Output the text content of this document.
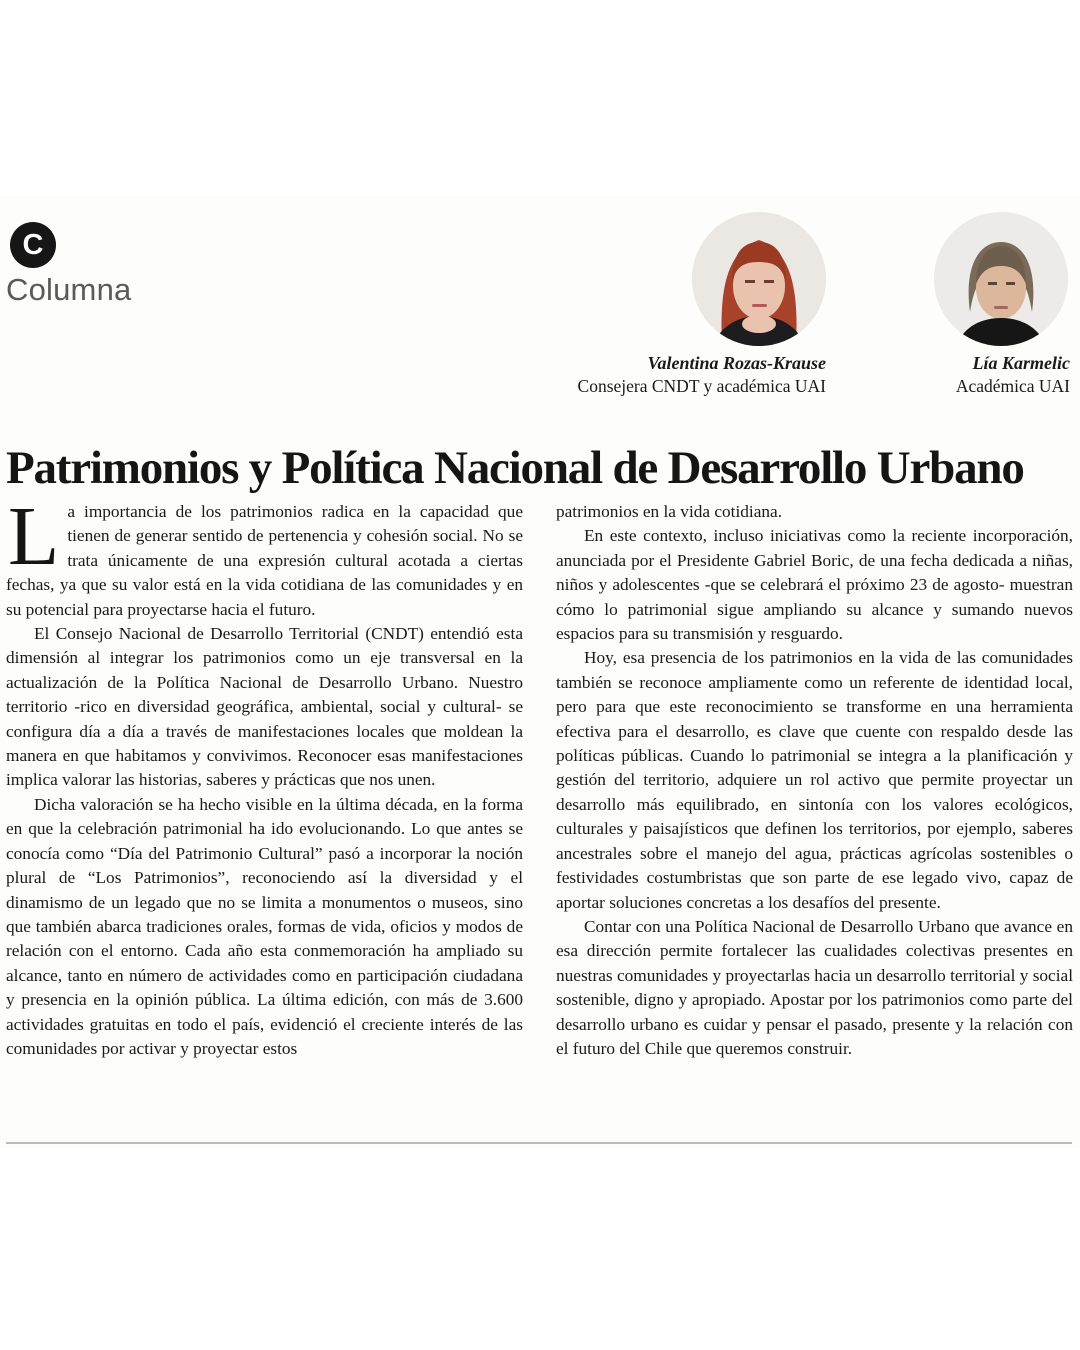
C
Columna
Valentina Rozas-Krause
Consejera CNDT y académica UAI
Lía Karmelic
Académica UAI
Patrimonios y Política Nacional de Desarrollo Urbano

La importancia de los patrimonios radica en la capacidad que tienen de generar sentido de pertenencia y cohesión social. No se trata únicamente de una expresión cultural acotada a ciertas fechas, ya que su valor está en la vida cotidiana de las comunidades y en su potencial para proyectarse hacia el futuro.

El Consejo Nacional de Desarrollo Territorial (CNDT) entendió esta dimensión al integrar los patrimonios como un eje transversal en la actualización de la Política Nacional de Desarrollo Urbano. Nuestro territorio -rico en diversidad geográfica, ambiental, social y cultural- se configura día a día a través de manifestaciones locales que moldean la manera en que habitamos y convivimos. Reconocer esas manifestaciones implica valorar las historias, saberes y prácticas que nos unen.

Dicha valoración se ha hecho visible en la última década, en la forma en que la celebración patrimonial ha ido evolucionando. Lo que antes se conocía como “Día del Patrimonio Cultural” pasó a incorporar la noción plural de “Los Patrimonios”, reconociendo así la diversidad y el dinamismo de un legado que no se limita a monumentos o museos, sino que también abarca tradiciones orales, formas de vida, oficios y modos de relación con el entorno. Cada año esta conmemoración ha ampliado su alcance, tanto en número de actividades como en participación ciudadana y presencia en la opinión pública. La última edición, con más de 3.600 actividades gratuitas en todo el país, evidenció el creciente interés de las comunidades por activar y proyectar estos

patrimonios en la vida cotidiana.

En este contexto, incluso iniciativas como la reciente incorporación, anunciada por el Presidente Gabriel Boric, de una fecha dedicada a niñas, niños y adolescentes -que se celebrará el próximo 23 de agosto- muestran cómo lo patrimonial sigue ampliando su alcance y sumando nuevos espacios para su transmisión y resguardo.

Hoy, esa presencia de los patrimonios en la vida de las comunidades también se reconoce ampliamente como un referente de identidad local, pero para que este reconocimiento se transforme en una herramienta efectiva para el desarrollo, es clave que cuente con respaldo desde las políticas públicas. Cuando lo patrimonial se integra a la planificación y gestión del territorio, adquiere un rol activo que permite proyectar un desarrollo más equilibrado, en sintonía con los valores ecológicos, culturales y paisajísticos que definen los territorios, por ejemplo, saberes ancestrales sobre el manejo del agua, prácticas agrícolas sostenibles o festividades costumbristas que son parte de ese legado vivo, capaz de aportar soluciones concretas a los desafíos del presente.

Contar con una Política Nacional de Desarrollo Urbano que avance en esa dirección permite fortalecer las cualidades colectivas presentes en nuestras comunidades y proyectarlas hacia un desarrollo territorial y social sostenible, digno y apropiado. Apostar por los patrimonios como parte del desarrollo urbano es cuidar y pensar el pasado, presente y la relación con el futuro del Chile que queremos construir.
